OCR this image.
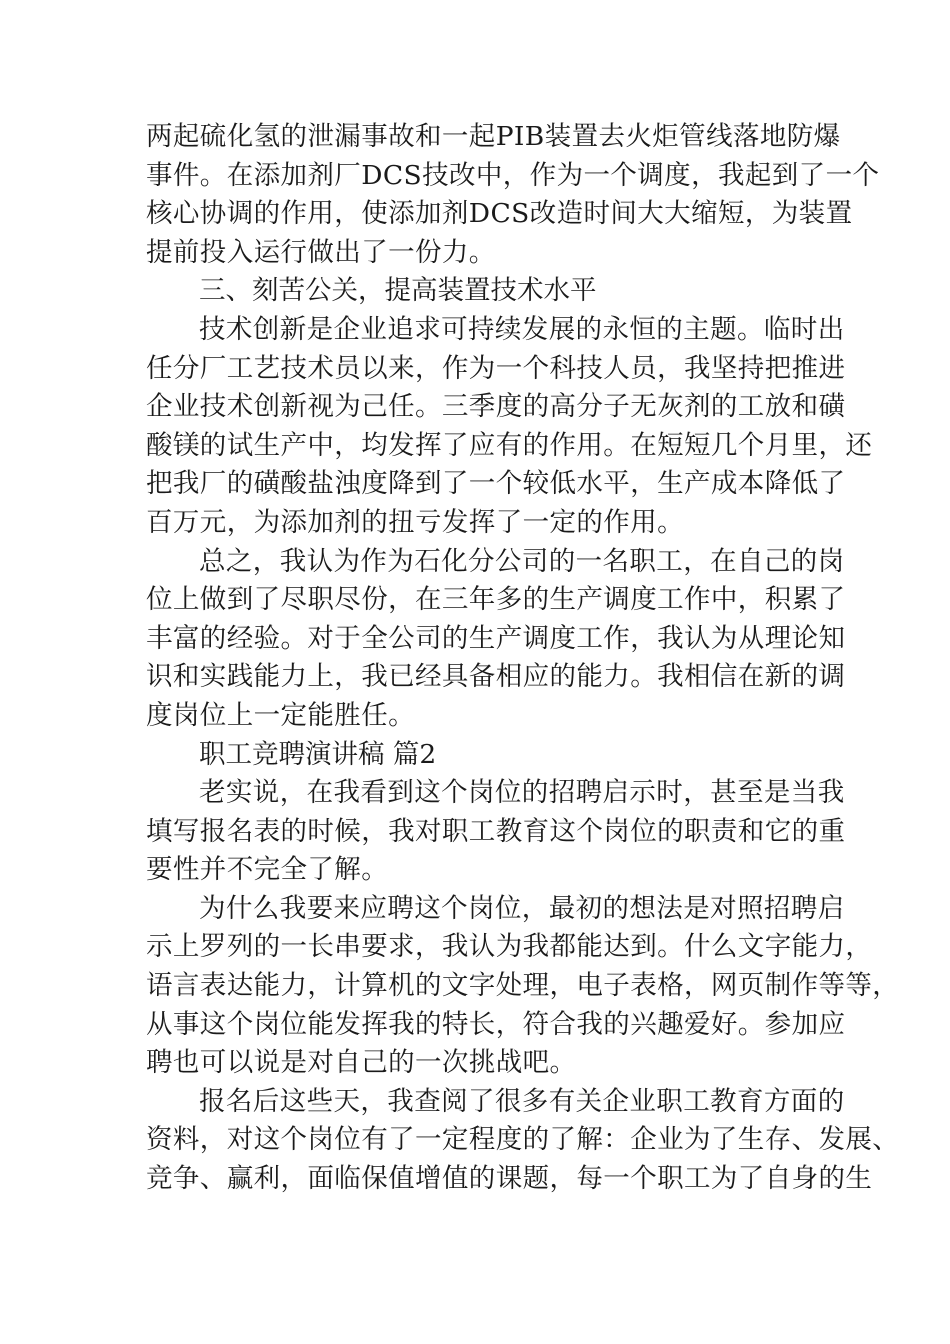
两起硫化氢的泄漏事故和一起PIB装置去火炬管线落地防爆
事件。在添加剂厂DCS技改中，作为一个调度，我起到了一个
核心协调的作用，使添加剂DCS改造时间大大缩短，为装置
提前投入运行做出了一份力。
三、刻苦公关，提高装置技术水平
技术创新是企业追求可持续发展的永恒的主题。临时出
任分厂工艺技术员以来，作为一个科技人员，我坚持把推进
企业技术创新视为己任。三季度的高分子无灰剂的工放和磺
酸镁的试生产中，均发挥了应有的作用。在短短几个月里，还
把我厂的磺酸盐浊度降到了一个较低水平，生产成本降低了
百万元，为添加剂的扭亏发挥了一定的作用。
总之，我认为作为石化分公司的一名职工，在自己的岗
位上做到了尽职尽份，在三年多的生产调度工作中，积累了
丰富的经验。对于全公司的生产调度工作，我认为从理论知
识和实践能力上，我已经具备相应的能力。我相信在新的调
度岗位上一定能胜任。
职工竞聘演讲稿 篇2
老实说，在我看到这个岗位的招聘启示时，甚至是当我
填写报名表的时候，我对职工教育这个岗位的职责和它的重
要性并不完全了解。
为什么我要来应聘这个岗位，最初的想法是对照招聘启
示上罗列的一长串要求，我认为我都能达到。什么文字能力，
语言表达能力，计算机的文字处理，电子表格，网页制作等等，
从事这个岗位能发挥我的特长，符合我的兴趣爱好。参加应
聘也可以说是对自己的一次挑战吧。
报名后这些天，我查阅了很多有关企业职工教育方面的
资料，对这个岗位有了一定程度的了解：企业为了生存、发展、
竞争、赢利，面临保值增值的课题，每一个职工为了自身的生
